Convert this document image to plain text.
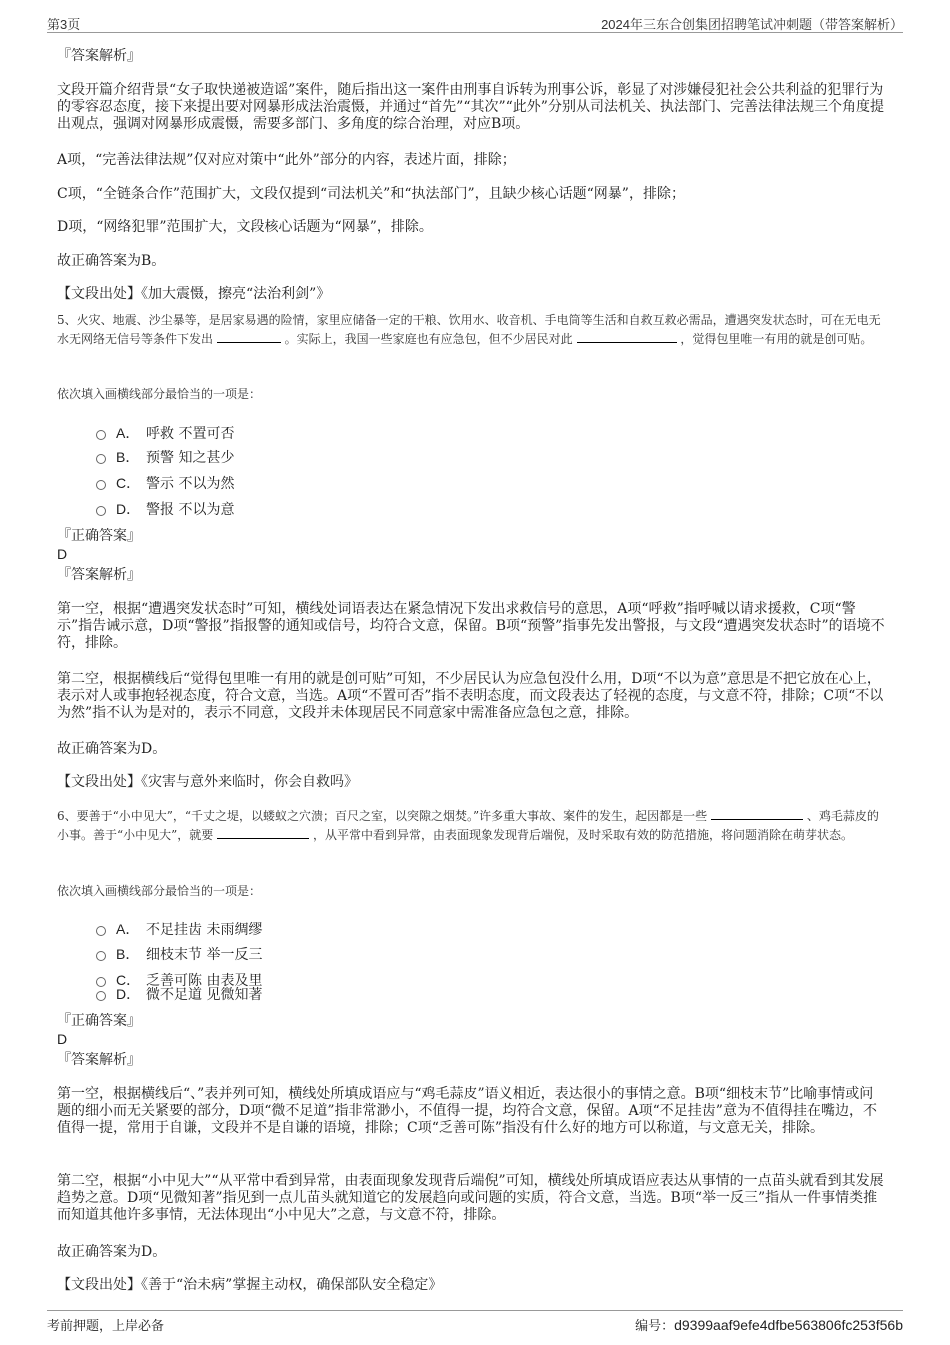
第3页	2024年三东合创集团招聘笔试冲刺题（带答案解析）
『答案解析』
文段开篇介绍背景“女子取快递被造谣”案件，随后指出这一案件由刑事自诉转为刑事公诉，彰显了对涉嫌侵犯社会公共利益的犯罪行为的零容忍态度，接下来提出要对网暴形成法治震慑，并通过“首先”“其次”“此外”分别从司法机关、执法部门、完善法律法规三个角度提出观点，强调对网暴形成震慑，需要多部门、多角度的综合治理，对应B项。
A项，“完善法律法规”仅对应对策中“此外”部分的内容，表述片面，排除；
C项，“全链条合作”范围扩大，文段仅提到“司法机关”和“执法部门”，且缺少核心话题“网暴”，排除；
D项，“网络犯罪”范围扩大，文段核心话题为“网暴”，排除。
故正确答案为B。
【文段出处】《加大震慑，擦亮“法治利剑”》
5、火灾、地震、沙尘暴等，是居家易遇的险情，家里应储备一定的干粮、饮用水、收音机、手电筒等生活和自救互救必需品，遭遇突发状态时，可在无电无水无网络无信号等条件下发出	。实际上，我国一些家庭也有应急包，但不少居民对此	，觉得包里唯一有用的就是创可贴。
依次填入画横线部分最恰当的一项是：
A． 呼救 不置可否
B． 预警 知之甚少
C． 警示 不以为然
D． 警报 不以为意
『正确答案』
D
『答案解析』
第一空，根据“遭遇突发状态时”可知，横线处词语表达在紧急情况下发出求救信号的意思，A项“呼救”指呼喊以请求援救，C项“警示”指告诫示意，D项“警报”指报警的通知或信号，均符合文意，保留。B项“预警”指事先发出警报，与文段“遭遇突发状态时”的语境不符，排除。
第二空，根据横线后“觉得包里唯一有用的就是创可贴”可知，不少居民认为应急包没什么用，D项“不以为意”意思是不把它放在心上，表示对人或事抱轻视态度，符合文意，当选。A项“不置可否”指不表明态度，而文段表达了轻视的态度，与文意不符，排除；C项“不以为然”指不认为是对的，表示不同意，文段并未体现居民不同意家中需准备应急包之意，排除。
故正确答案为D。
【文段出处】《灾害与意外来临时，你会自救吗》
6、要善于“小中见大”，“千丈之堤，以蝼蚁之穴溃；百尺之室，以突隙之烟焚。”许多重大事故、案件的发生，起因都是一些	、鸡毛蒜皮的小事。善于“小中见大”，就要	，从平常中看到异常，由表面现象发现背后端倪，及时采取有效的防范措施，将问题消除在萌芽状态。
依次填入画横线部分最恰当的一项是：
A． 不足挂齿 未雨绸缪
B． 细枝末节 举一反三
C． 乏善可陈 由表及里
D． 微不足道 见微知著
『正确答案』
D
『答案解析』
第一空，根据横线后“、”表并列可知，横线处所填成语应与“鸡毛蒜皮”语义相近，表达很小的事情之意。B项“细枝末节”比喻事情或问题的细小而无关紧要的部分，D项“微不足道”指非常渺小，不值得一提，均符合文意，保留。A项“不足挂齿”意为不值得挂在嘴边，不值得一提，常用于自谦，文段并不是自谦的语境，排除；C项“乏善可陈”指没有什么好的地方可以称道，与文意无关，排除。
第二空，根据“小中见大”“从平常中看到异常，由表面现象发现背后端倪”可知，横线处所填成语应表达从事情的一点苗头就看到其发展趋势之意。D项“见微知著”指见到一点儿苗头就知道它的发展趋向或问题的实质，符合文意，当选。B项“举一反三”指从一件事情类推而知道其他许多事情，无法体现出“小中见大”之意，与文意不符，排除。
故正确答案为D。
【文段出处】《善于“治未病”掌握主动权，确保部队安全稳定》
考前押题，上岸必备	编号：d9399aaf9efe4dfbe563806fc253f56b
